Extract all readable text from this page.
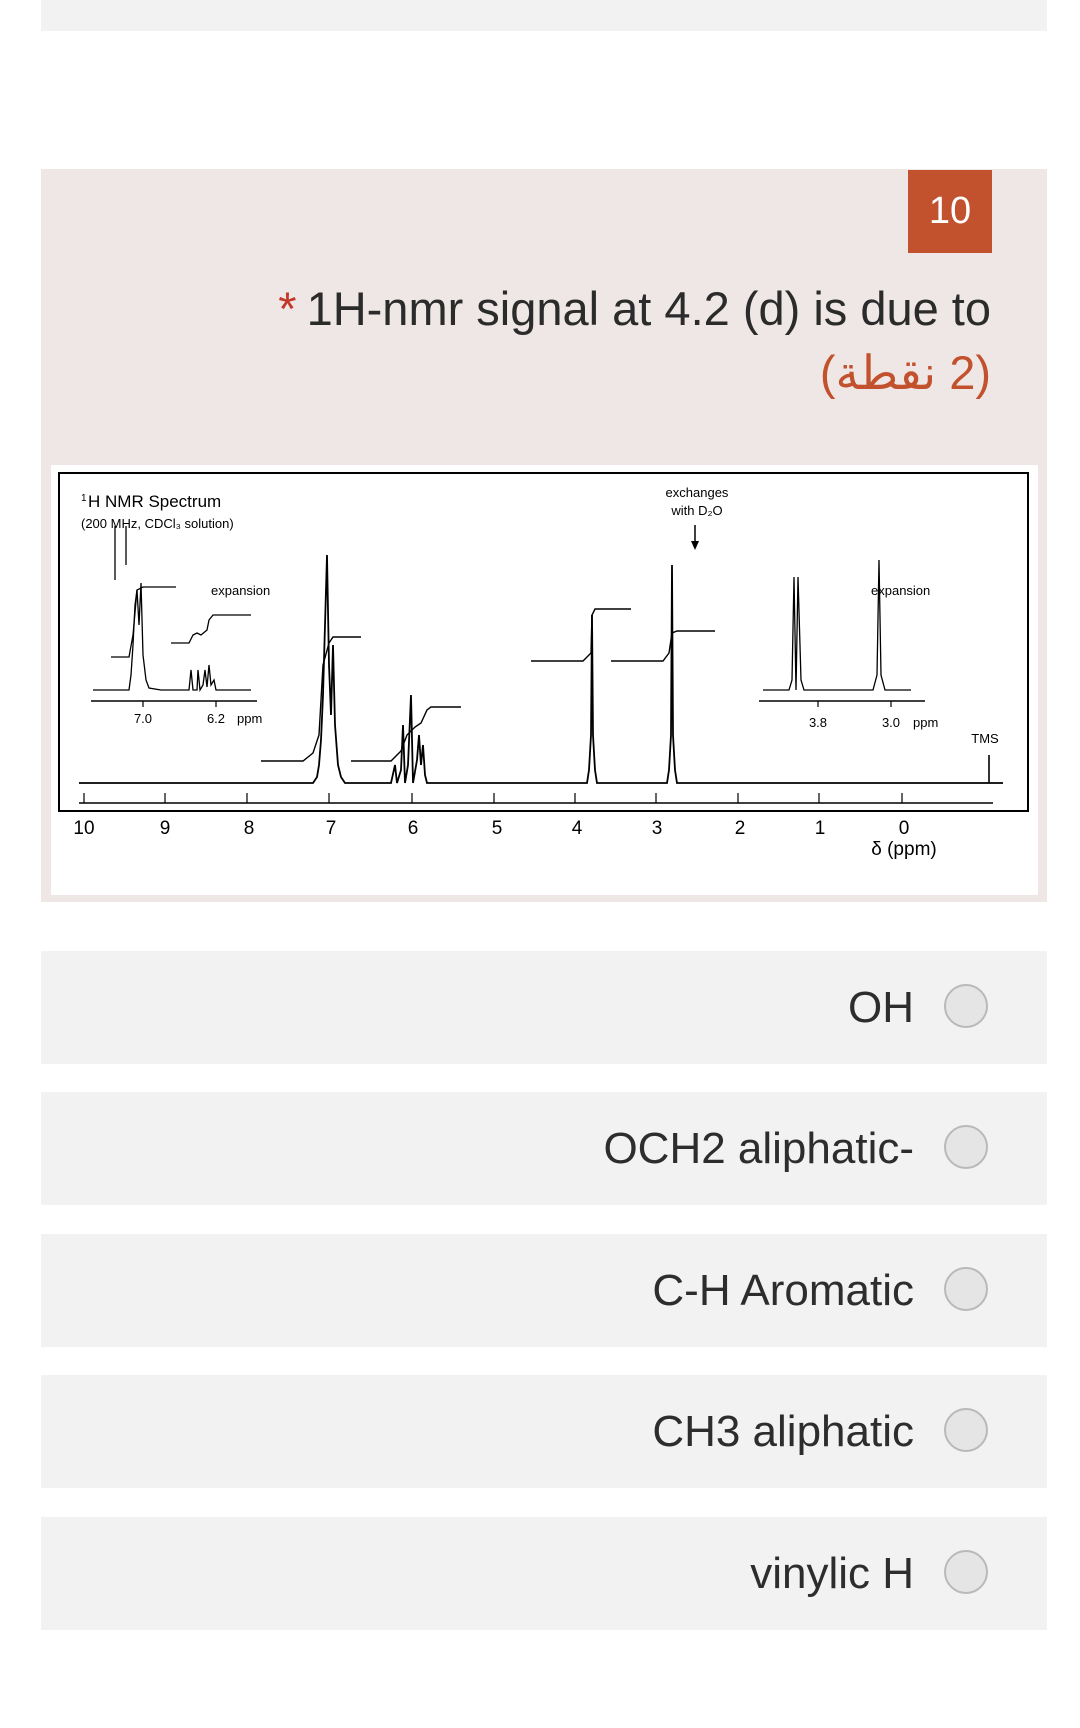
10
* 1H-nmr signal at 4.2 (d) is due to
(2 نقطة)
1 H NMR Spectrum
(200 MHz, CDCl₃ solution)
exchanges
with D₂O
expansion
7.0	6.2 ppm
expansion
3.8	3.0 ppm
TMS
10	9	8	7	6	5	4	3	2	1	0
δ (ppm)
OH
OCH2 aliphatic-
C-H Aromatic
CH3 aliphatic
vinylic H
